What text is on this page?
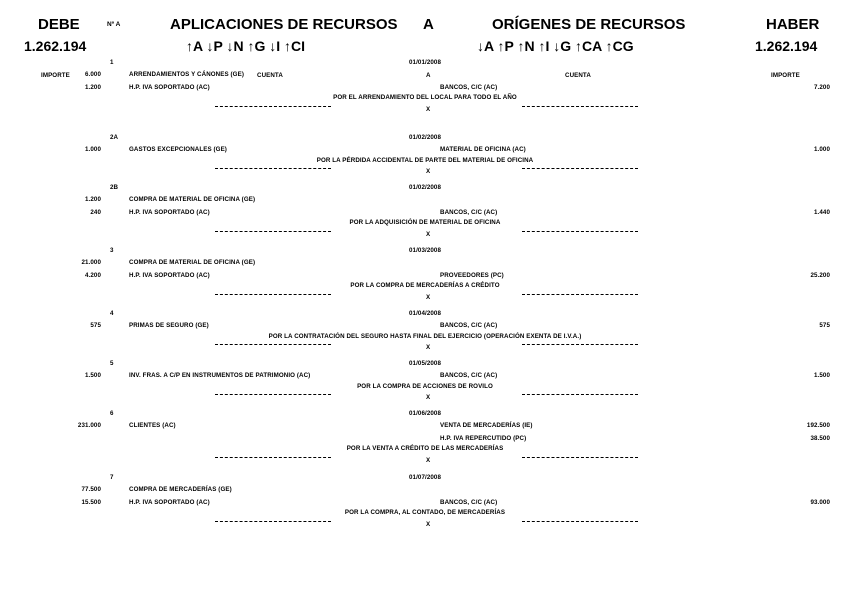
DEBE	Nº A	APLICACIONES DE RECURSOS A	ORÍGENES DE RECURSOS	HABER
1.262.194	↑A ↓P ↓N ↑G ↓I ↑CI	↓A ↑P ↑N ↑I ↓G ↑CA ↑CG	1.262.194
IMPORTE	CUENTA	A	CUENTA	IMPORTE
1	01/01/2008
6.000	ARRENDAMIENTOS Y CÁNONES (GE)
1.200	H.P. IVA SOPORTADO (AC)	BANCOS, C/C (AC)	7.200
POR EL ARRENDAMIENTO DEL LOCAL PARA TODO EL AÑO
X
2A	01/02/2008
1.000	GASTOS EXCEPCIONALES (GE)	MATERIAL DE OFICINA (AC)	1.000
POR LA PÉRDIDA ACCIDENTAL DE PARTE DEL MATERIAL DE OFICINA
X
2B	01/02/2008
1.200	COMPRA DE MATERIAL DE OFICINA (GE)
240	H.P. IVA SOPORTADO (AC)	BANCOS, C/C (AC)	1.440
POR LA ADQUISICIÓN DE MATERIAL DE OFICINA
X
3	01/03/2008
21.000	COMPRA DE MATERIAL DE OFICINA (GE)
4.200	H.P. IVA SOPORTADO (AC)	PROVEEDORES (PC)	25.200
POR LA COMPRA DE MERCADERÍAS A CRÉDITO
X
4	01/04/2008
575	PRIMAS DE SEGURO (GE)	BANCOS, C/C (AC)	575
POR LA CONTRATACIÓN DEL SEGURO HASTA FINAL DEL EJERCICIO (OPERACIÓN EXENTA DE I.V.A.)
X
5	01/05/2008
1.500	INV. FRAS. A C/P EN INSTRUMENTOS DE PATRIMONIO (AC)	BANCOS, C/C (AC)	1.500
POR LA COMPRA DE ACCIONES DE ROVILO
X
6	01/06/2008
231.000	CLIENTES (AC)	VENTA DE MERCADERÍAS (IE)	192.500
H.P. IVA REPERCUTIDO (PC)	38.500
POR LA VENTA A CRÉDITO DE LAS MERCADERÍAS
X
7	01/07/2008
77.500	COMPRA DE MERCADERÍAS (GE)
15.500	H.P. IVA SOPORTADO (AC)	BANCOS, C/C (AC)	93.000
POR LA COMPRA, AL CONTADO, DE MERCADERÍAS
X
